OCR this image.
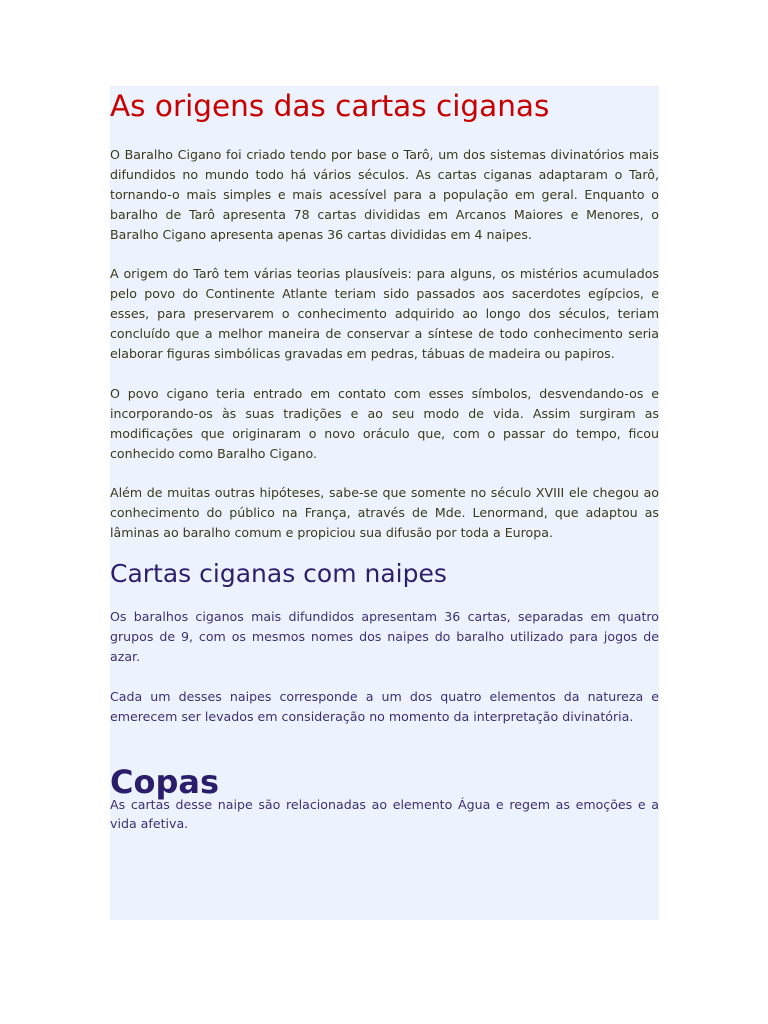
As origens das cartas ciganas

O Baralho Cigano foi criado tendo por base o Tarô, um dos sistemas divinatórios mais difundidos no mundo todo há vários séculos. As cartas ciganas adaptaram o Tarô, tornando-o mais simples e mais acessível para a população em geral. Enquanto o baralho de Tarô apresenta 78 cartas divididas em Arcanos Maiores e Menores, o Baralho Cigano apresenta apenas 36 cartas divididas em 4 naipes.

A origem do Tarô tem várias teorias plausíveis: para alguns, os mistérios acumulados pelo povo do Continente Atlante teriam sido passados aos sacerdotes egípcios, e esses, para preservarem o conhecimento adquirido ao longo dos séculos, teriam concluído que a melhor maneira de conservar a síntese de todo conhecimento seria elaborar figuras simbólicas gravadas em pedras, tábuas de madeira ou papiros.

O povo cigano teria entrado em contato com esses símbolos, desvendando-os e incorporando-os às suas tradições e ao seu modo de vida. Assim surgiram as modificações que originaram o novo oráculo que, com o passar do tempo, ficou conhecido como Baralho Cigano.

Além de muitas outras hipóteses, sabe-se que somente no século XVIII ele chegou ao conhecimento do público na França, através de Mde. Lenormand, que adaptou as lâminas ao baralho comum e propiciou sua difusão por toda a Europa.

Cartas ciganas com naipes

Os baralhos ciganos mais difundidos apresentam 36 cartas, separadas em quatro grupos de 9, com os mesmos nomes dos naipes do baralho utilizado para jogos de azar.

Cada um desses naipes corresponde a um dos quatro elementos da natureza e emerecem ser levados em consideração no momento da interpretação divinatória.

Copas

As cartas desse naipe são relacionadas ao elemento Água e regem as emoções e a vida afetiva.
